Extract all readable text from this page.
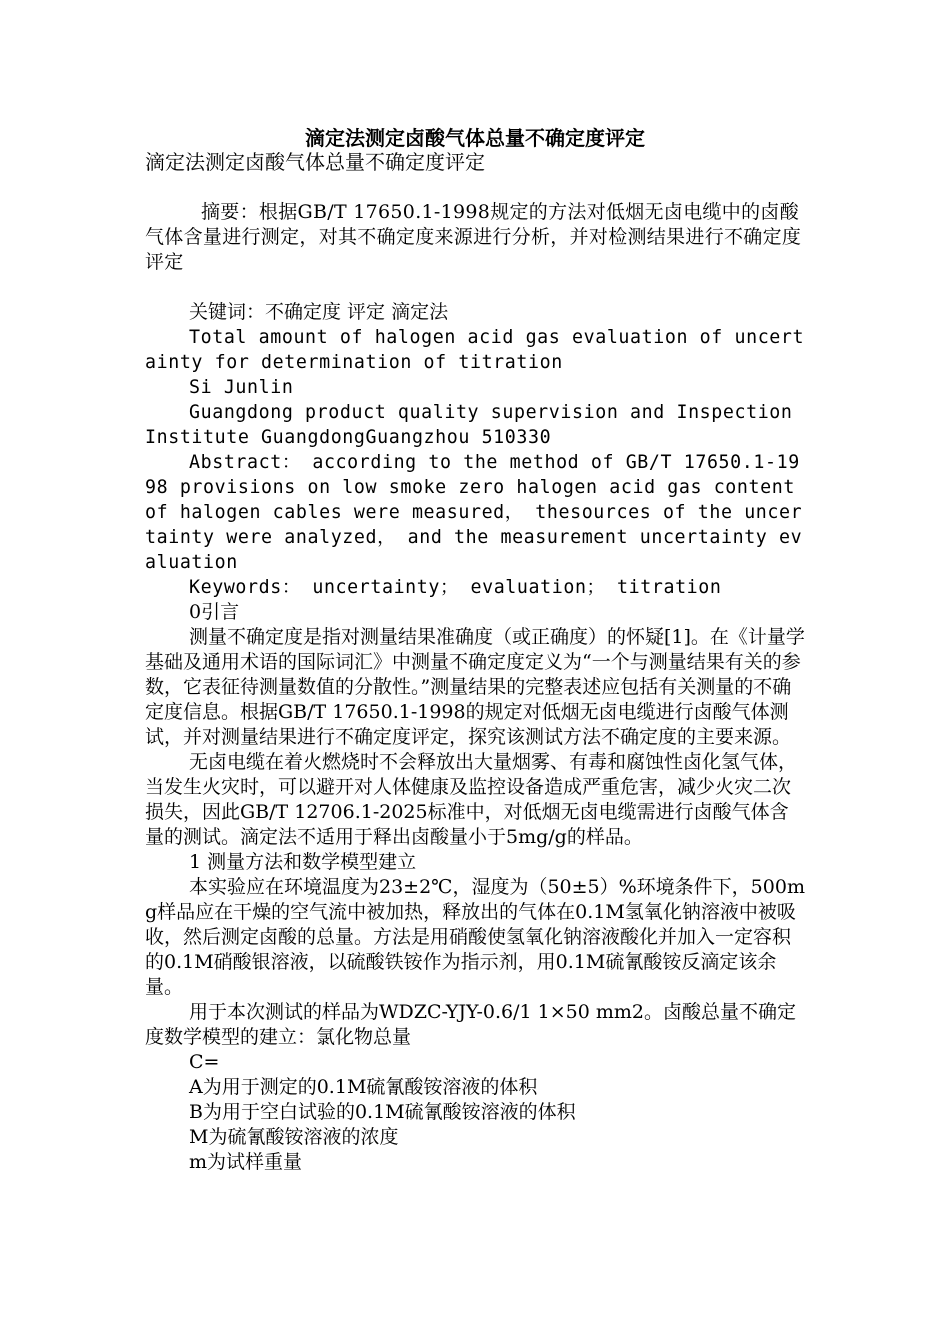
滴定法测定卤酸气体总量不确定度评定

滴定法测定卤酸气体总量不确定度评定

摘要：根据GB/T 17650.1-1998规定的方法对低烟无卤电缆中的卤酸气体含量进行测定，对其不确定度来源进行分析，并对检测结果进行不确定度评定

关键词：不确定度 评定 滴定法

Total amount of halogen acid gas evaluation of uncertainty for determination of titration

Si Junlin

Guangdong product quality supervision and Inspection Institute GuangdongGuangzhou 510330

Abstract： according to the method of GB/T 17650.1-1998 provisions on low smoke zero halogen acid gas content of halogen cables were measured， thesources of the uncertainty were analyzed， and the measurement uncertainty evaluation

Keywords： uncertainty； evaluation； titration

0引言

测量不确定度是指对测量结果准确度（或正确度）的怀疑[1]。在《计量学基础及通用术语的国际词汇》中测量不确定度定义为“一个与测量结果有关的参数，它表征待测量数值的分散性。”测量结果的完整表述应包括有关测量的不确定度信息。根据GB/T 17650.1-1998的规定对低烟无卤电缆进行卤酸气体测试，并对测量结果进行不确定度评定，探究该测试方法不确定度的主要来源。

无卤电缆在着火燃烧时不会释放出大量烟雾、有毒和腐蚀性卤化氢气体，当发生火灾时，可以避开对人体健康及监控设备造成严重危害，减少火灾二次损失，因此GB/T 12706.1-2025标准中，对低烟无卤电缆需进行卤酸气体含量的测试。滴定法不适用于释出卤酸量小于5mg/g的样品。

1 测量方法和数学模型建立

本实验应在环境温度为23±2℃，湿度为（50±5）%环境条件下，500mg样品应在干燥的空气流中被加热，释放出的气体在0.1M氢氧化钠溶液中被吸收，然后测定卤酸的总量。方法是用硝酸使氢氧化钠溶液酸化并加入一定容积的0.1M硝酸银溶液，以硫酸铁铵作为指示剂，用0.1M硫氰酸铵反滴定该余量。

用于本次测试的样品为WDZC-YJY-0.6/1 1×50 mm2。卤酸总量不确定度数学模型的建立：氯化物总量

C=

A为用于测定的0.1M硫氰酸铵溶液的体积

B为用于空白试验的0.1M硫氰酸铵溶液的体积

M为硫氰酸铵溶液的浓度

m为试样重量
